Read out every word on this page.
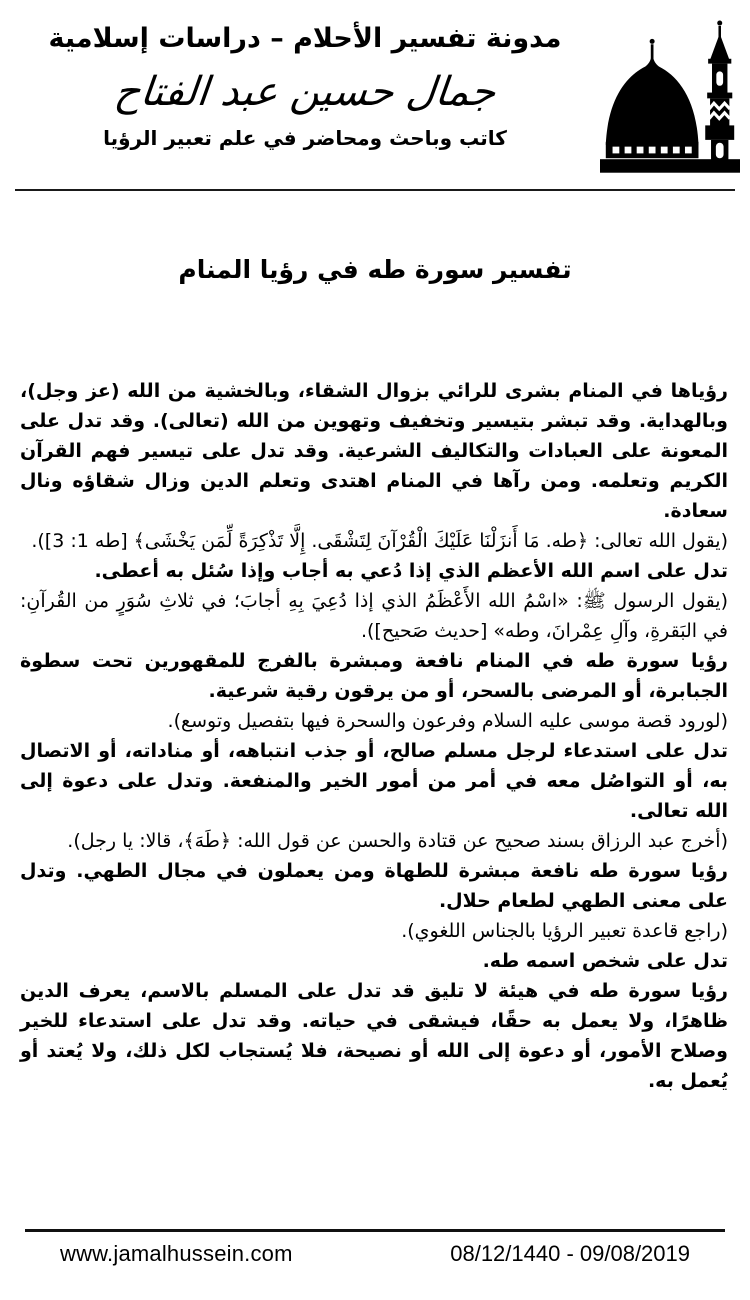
مدونة تفسير الأحلام – دراسات إسلامية
جمال حسين عبد الفتاح
كاتب وباحث ومحاضر في علم تعبير الرؤيا
تفسير سورة طه في رؤيا المنام

رؤياها في المنام بشرى للرائي بزوال الشقاء، وبالخشية من الله (عز وجل)، وبالهداية. وقد تبشر بتيسير وتخفيف وتهوين من الله (تعالى). وقد تدل على المعونة على العبادات والتكاليف الشرعية. وقد تدل على تيسير فهم القرآن الكريم وتعلمه. ومن رآها في المنام اهتدى وتعلم الدين وزال شقاؤه ونال سعادة.

(يقول الله تعالى: ﴿طه. مَا أَنزَلْنَا عَلَيْكَ الْقُرْآنَ لِتَشْقَى. إِلَّا تَذْكِرَةً لِّمَن يَخْشَى﴾ [طه 1: 3]).

تدل على اسم الله الأعظم الذي إذا دُعي به أجاب وإذا سُئل به أعطى.

(يقول الرسول ﷺ: «اسْمُ الله الأَعْظَمُ الذي إذا دُعِيَ بِهِ أجابَ؛ في ثلاثِ سُوَرٍ من القُرآنِ: في البَقرةِ، وآلِ عِمْرانَ، وطه» [حديث صَحيح]).

رؤيا سورة طه في المنام نافعة ومبشرة بالفرج للمقهورين تحت سطوة الجبابرة، أو المرضى بالسحر، أو من يرقون رقية شرعية.

(لورود قصة موسى عليه السلام وفرعون والسحرة فيها بتفصيل وتوسع).

تدل على استدعاء لرجل مسلم صالح، أو جذب انتباهه، أو مناداته، أو الاتصال به، أو التواصُل معه في أمر من أمور الخير والمنفعة. وتدل على دعوة إلى الله تعالى.

(أخرج عبد الرزاق بسند صحيح عن قتادة والحسن عن قول الله: ﴿طَهَ﴾، قالا: يا رجل).

رؤيا سورة طه نافعة مبشرة للطهاة ومن يعملون في مجال الطهي. وتدل على معنى الطهي لطعام حلال.

(راجع قاعدة تعبير الرؤيا بالجناس اللغوي).

تدل على شخص اسمه طه.

رؤيا سورة طه في هيئة لا تليق قد تدل على المسلم بالاسم، يعرف الدين ظاهرًا، ولا يعمل به حقًا، فيشقى في حياته. وقد تدل على استدعاء للخير وصلاح الأمور، أو دعوة إلى الله أو نصيحة، فلا يُستجاب لكل ذلك، ولا يُعتد أو يُعمل به.

www.jamalhussein.com	08/12/1440 - 09/08/2019
